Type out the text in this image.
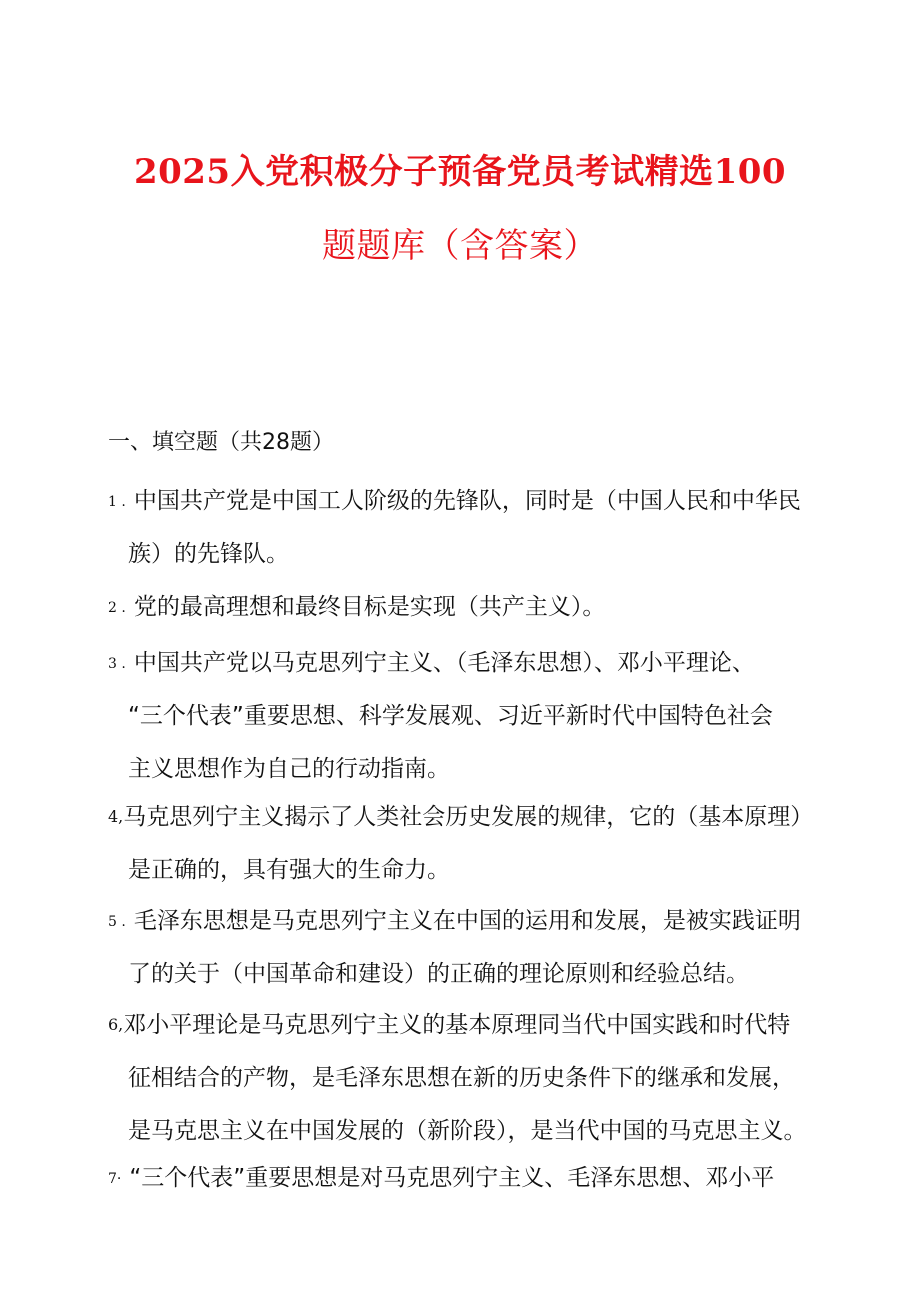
2025入党积极分子预备党员考试精选100
题题库（含答案）
一、填空题（共28题）
1 . 中国共产党是中国工人阶级的先锋队，同时是（中国人民和中华民
族）的先锋队。
2 . 党的最高理想和最终目标是实现（共产主义）。
3 . 中国共产党以马克思列宁主义、（毛泽东思想）、邓小平理论、
“三个代表”重要思想、科学发展观、习近平新时代中国特色社会
主义思想作为自己的行动指南。
4,马克思列宁主义揭示了人类社会历史发展的规律，它的（基本原理）
是正确的，具有强大的生命力。
5 . 毛泽东思想是马克思列宁主义在中国的运用和发展，是被实践证明
了的关于（中国革命和建设）的正确的理论原则和经验总结。
6,邓小平理论是马克思列宁主义的基本原理同当代中国实践和时代特
征相结合的产物，是毛泽东思想在新的历史条件下的继承和发展，
是马克思主义在中国发展的（新阶段），是当代中国的马克思主义。
7· “三个代表”重要思想是对马克思列宁主义、毛泽东思想、邓小平
